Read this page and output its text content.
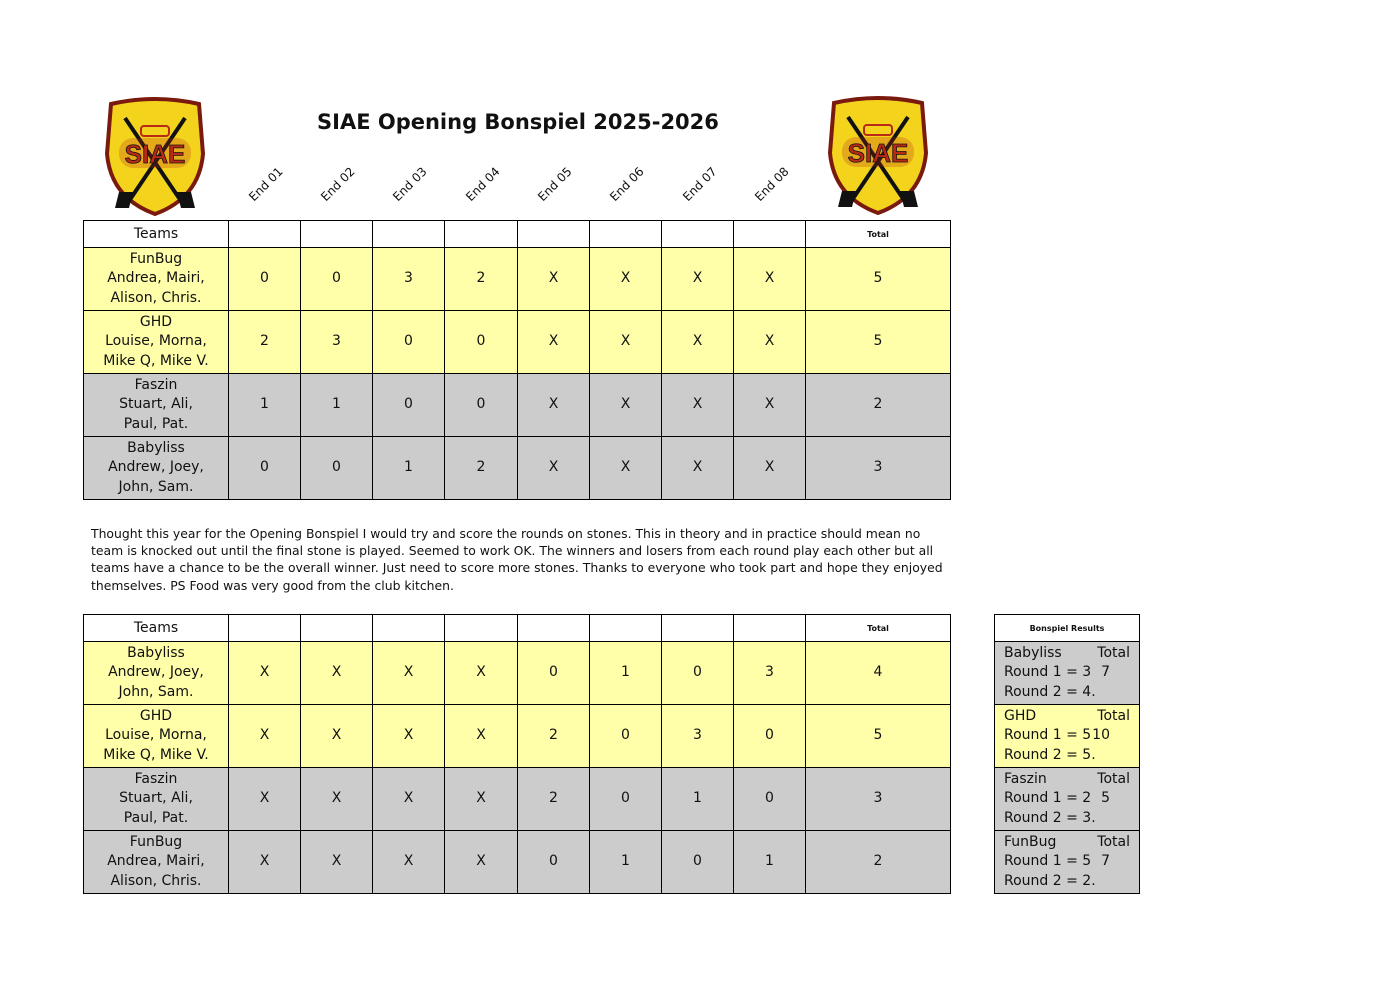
SIAE	SIAE
SIAE Opening Bonspiel 2025-2026
End 01	End 02	End 03	End 04	End 05	End 06	End 07	End 08
Teams									Total

FunBug
Andrea, Mairi,
Alison, Chris.	0	0	3	2	X	X	X	X	5

GHD
Louise, Morna,
Mike Q, Mike V.	2	3	0	0	X	X	X	X	5

Faszin
Stuart, Ali,
Paul, Pat.	1	1	0	0	X	X	X	X	2

Babyliss
Andrew, Joey,
John, Sam.	0	0	1	2	X	X	X	X	3
Thought this year for the Opening Bonspiel I would try and score the rounds on stones. This in theory and in practice should mean no team is knocked out until the final stone is played. Seemed to work OK. The winners and losers from each round play each other but all teams have a chance to be the overall winner. Just need to score more stones. Thanks to everyone who took part and hope they enjoyed themselves. PS Food was very good from the club kitchen.
Teams									Total

Babyliss
Andrew, Joey,
John, Sam.	X	X	X	X	0	1	0	3	4

GHD
Louise, Morna,
Mike Q, Mike V.	X	X	X	X	2	0	3	0	5

Faszin
Stuart, Ali,
Paul, Pat.	X	X	X	X	2	0	1	0	3

FunBug
Andrea, Mairi,
Alison, Chris.	X	X	X	X	0	1	0	1	2
Bonspiel Results

Babyliss	Total
Round 1 = 3 7
Round 2 = 4.

GHD	Total
Round 1 = 5 10
Round 2 = 5.

Faszin	Total
Round 1 = 2 5
Round 2 = 3.

FunBug	Total
Round 1 = 5 7
Round 2 = 2.
